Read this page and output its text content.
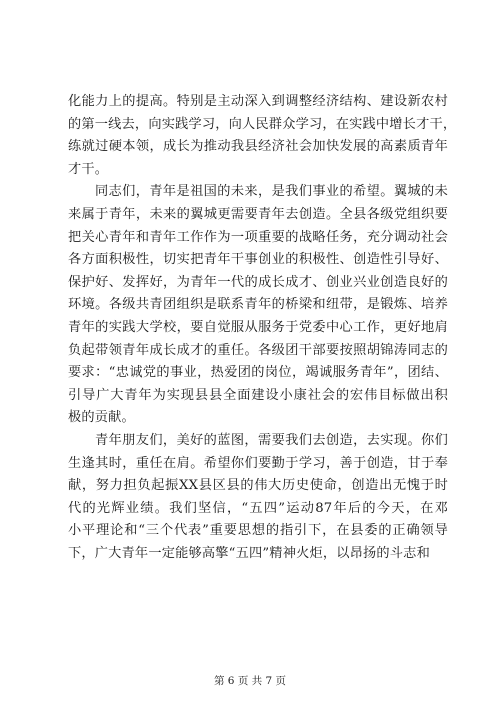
化能力上的提高。特别是主动深入到调整经济结构、建设新农村
的第一线去，向实践学习，向人民群众学习，在实践中增长才干，
练就过硬本领，成长为推动我县经济社会加快发展的高素质青年
才干。
同志们，青年是祖国的未来，是我们事业的希望。翼城的未
来属于青年，未来的翼城更需要青年去创造。全县各级党组织要
把关心青年和青年工作作为一项重要的战略任务，充分调动社会
各方面积极性，切实把青年干事创业的积极性、创造性引导好、
保护好、发挥好，为青年一代的成长成才、创业兴业创造良好的
环境。各级共青团组织是联系青年的桥梁和纽带，是锻炼、培养
青年的实践大学校，要自觉服从服务于党委中心工作，更好地肩
负起带领青年成长成才的重任。各级团干部要按照胡锦涛同志的
要求：“忠诚党的事业，热爱团的岗位，竭诚服务青年”，团结、
引导广大青年为实现县县全面建设小康社会的宏伟目标做出积
极的贡献。
青年朋友们，美好的蓝图，需要我们去创造，去实现。你们
生逢其时，重任在肩。希望你们要勤于学习，善于创造，甘于奉
献，努力担负起振XX县区县的伟大历史使命，创造出无愧于时
代的光辉业绩。我们坚信，“五四”运动87年后的今天，在邓
小平理论和“三个代表”重要思想的指引下，在县委的正确领导
下，广大青年一定能够高擎“五四”精神火炬，以昂扬的斗志和
第 6 页 共 7 页
